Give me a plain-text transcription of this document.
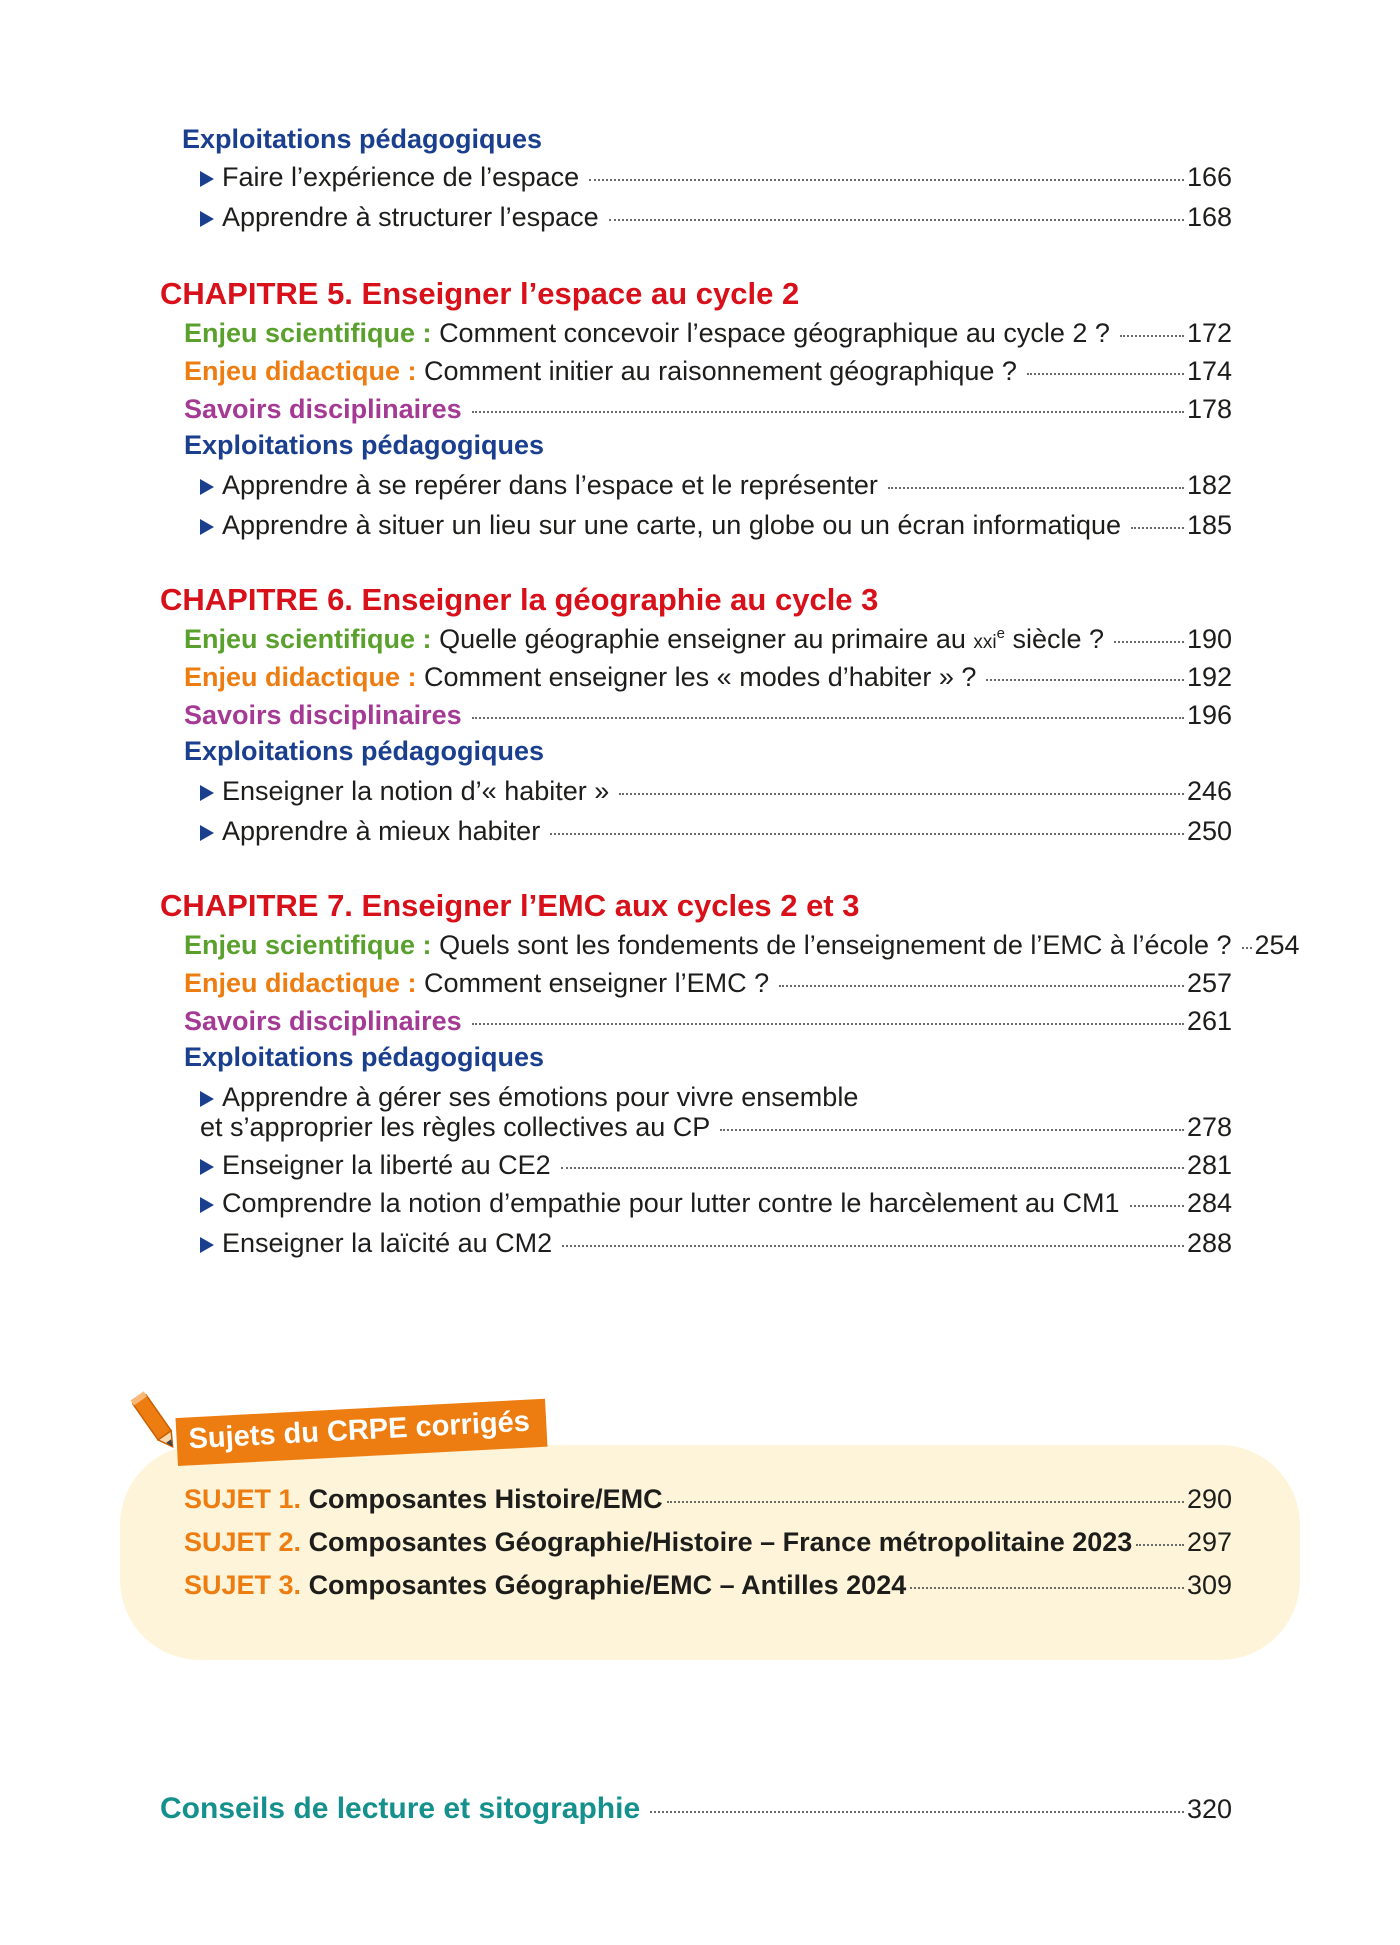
Exploitations pédagogiques
Faire l’expérience de l’espace	166
Apprendre à structurer l’espace	168
CHAPITRE 5. Enseigner l’espace au cycle 2
Enjeu scientifique :
Comment concevoir l’espace géographique au cycle 2 ?	172
Enjeu didactique :
Comment initier au raisonnement géographique ?	174
Savoirs disciplinaires	178
Exploitations pédagogiques
Apprendre à se repérer dans l’espace et le représenter	182
Apprendre à situer un lieu sur une carte, un globe ou un écran informatique 185
CHAPITRE 6. Enseigner la géographie au cycle 3
Enjeu scientifique :
Quelle géographie enseigner au primaire au xxi$^e$ siècle ?	190
Enjeu didactique :
Comment enseigner les « modes d’habiter » ?	192
Savoirs disciplinaires	196
Exploitations pédagogiques
Enseigner la notion d’« habiter »	246
Apprendre à mieux habiter	250
CHAPITRE 7. Enseigner l’EMC aux cycles 2 et 3
Enjeu scientifique :
Quels sont les fondements de l’enseignement de l’EMC à l’école ? 254
Enjeu didactique :
Comment enseigner l’EMC ?	257
Savoirs disciplinaires	261
Exploitations pédagogiques
Apprendre à gérer ses émotions pour vivre ensemble
et s’approprier les règles collectives au CP	278
Enseigner la liberté au CE2	281
Comprendre la notion d’empathie pour lutter contre le harcèlement au CM1 284
Enseigner la laïcité au CM2	288
Sujets du CRPE corrigés
SUJET 1.
Composantes Histoire/EMC	290
SUJET 2.
Composantes Géographie/Histoire – France métropolitaine 2023 297
SUJET 3.
Composantes Géographie/EMC – Antilles 2024	309
Conseils de lecture et sitographie	320
